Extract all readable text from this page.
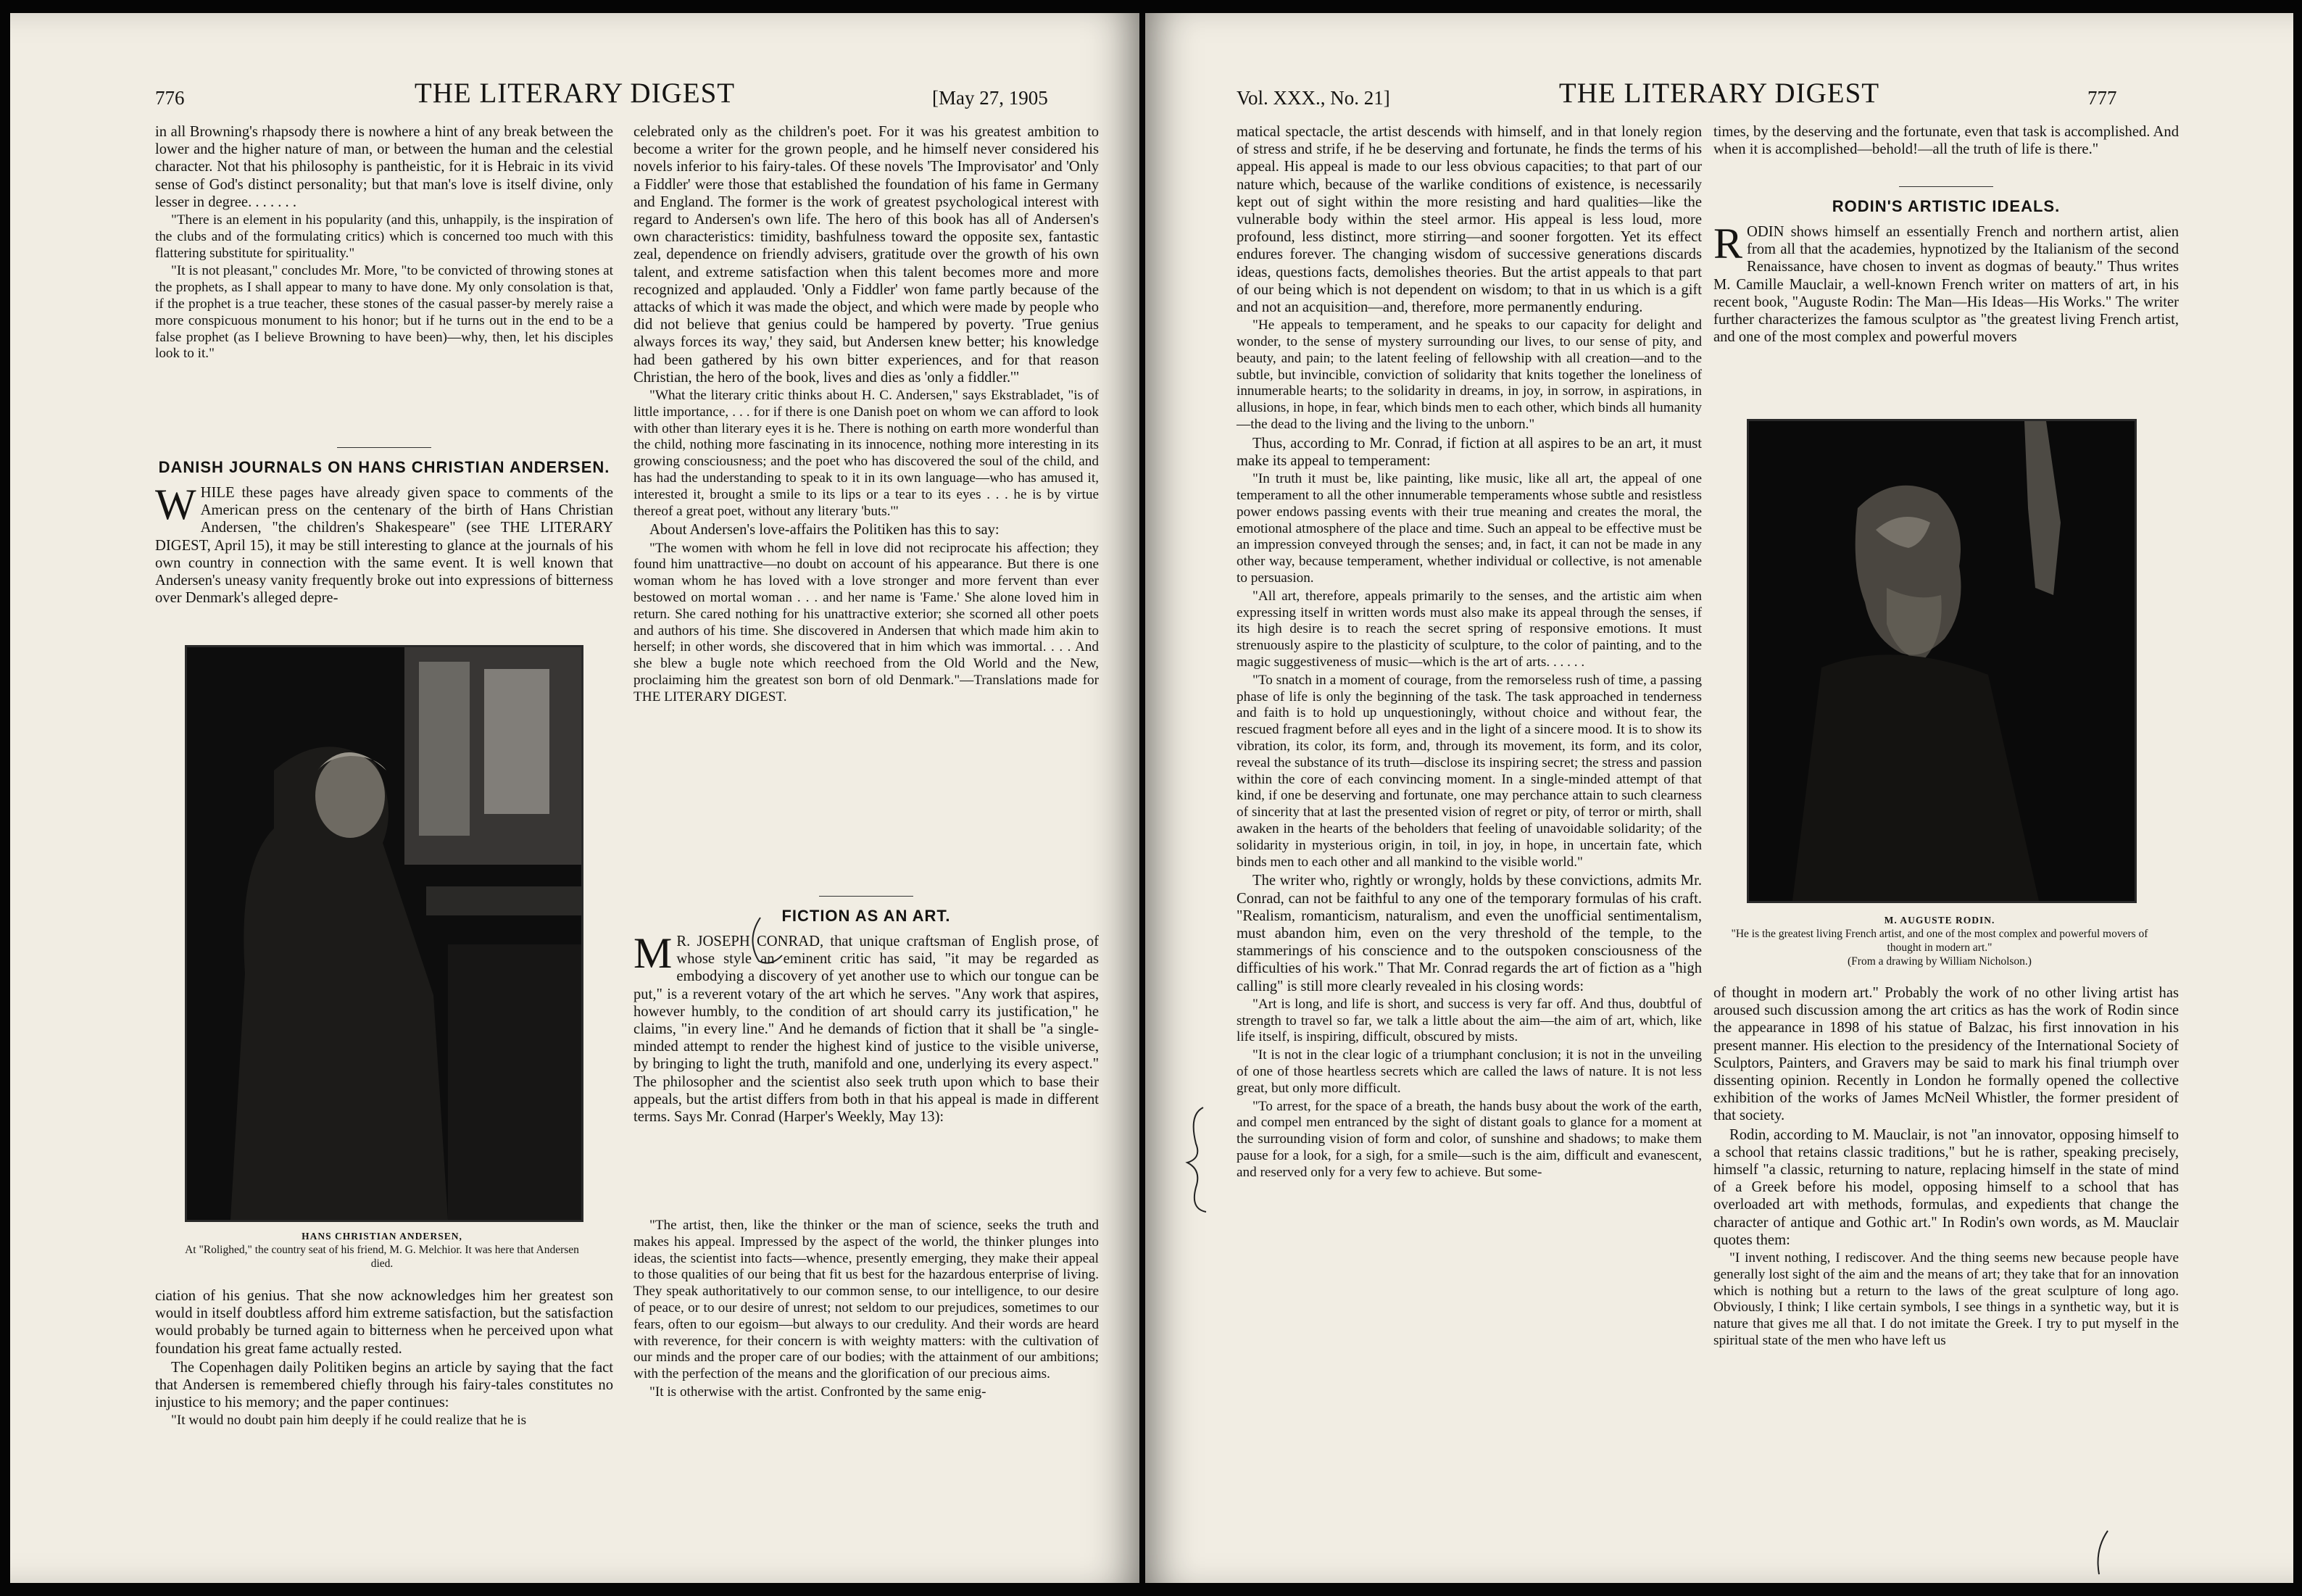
776	THE LITERARY DIGEST	[May 27, 1905

in all Browning's rhapsody there is nowhere a hint of any break between the lower and the higher nature of man, or between the human and the celestial character. Not that his philosophy is pantheistic, for it is Hebraic in its vivid sense of God's distinct personality; but that man's love is itself divine, only lesser in degree. . . . . . .

"There is an element in his popularity (and this, unhappily, is the inspiration of the clubs and of the formulating critics) which is concerned too much with this flattering substitute for spirituality."

"It is not pleasant," concludes Mr. More, "to be convicted of throwing stones at the prophets, as I shall appear to many to have done. My only consolation is that, if the prophet is a true teacher, these stones of the casual passer-by merely raise a more conspicuous monument to his honor; but if he turns out in the end to be a false prophet (as I believe Browning to have been)—why, then, let his disciples look to it."

DANISH JOURNALS ON HANS CHRISTIAN ANDERSEN.

WHILE these pages have already given space to comments of the American press on the centenary of the birth of Hans Christian Andersen, "the children's Shakespeare" (see THE LITERARY DIGEST, April 15), it may be still interesting to glance at the journals of his own country in connection with the same event. It is well known that Andersen's uneasy vanity frequently broke out into expressions of bitterness over Denmark's alleged depre-

HANS CHRISTIAN ANDERSEN,
At "Rolighed," the country seat of his friend, M. G. Melchior. It was here that Andersen died.

ciation of his genius. That she now acknowledges him her greatest son would in itself doubtless afford him extreme satisfaction, but the satisfaction would probably be turned again to bitterness when he perceived upon what foundation his great fame actually rested.

The Copenhagen daily Politiken begins an article by saying that the fact that Andersen is remembered chiefly through his fairy-tales constitutes no injustice to his memory; and the paper continues:

"It would no doubt pain him deeply if he could realize that he is

celebrated only as the children's poet. For it was his greatest ambition to become a writer for the grown people, and he himself never considered his novels inferior to his fairy-tales. Of these novels 'The Improvisator' and 'Only a Fiddler' were those that established the foundation of his fame in Germany and England. The former is the work of greatest psychological interest with regard to Andersen's own life. The hero of this book has all of Andersen's own characteristics: timidity, bashfulness toward the opposite sex, fantastic zeal, dependence on friendly advisers, gratitude over the growth of his own talent, and extreme satisfaction when this talent becomes more and more recognized and applauded. 'Only a Fiddler' won fame partly because of the attacks of which it was made the object, and which were made by people who did not believe that genius could be hampered by poverty. 'True genius always forces its way,' they said, but Andersen knew better; his knowledge had been gathered by his own bitter experiences, and for that reason Christian, the hero of the book, lives and dies as 'only a fiddler.'"

"What the literary critic thinks about H. C. Andersen," says Ekstrabladet, "is of little importance, . . . for if there is one Danish poet on whom we can afford to look with other than literary eyes it is he. There is nothing on earth more wonderful than the child, nothing more fascinating in its innocence, nothing more interesting in its growing consciousness; and the poet who has discovered the soul of the child, and has had the understanding to speak to it in its own language—who has amused it, interested it, brought a smile to its lips or a tear to its eyes . . . he is by virtue thereof a great poet, without any literary 'buts.'"

About Andersen's love-affairs the Politiken has this to say:

"The women with whom he fell in love did not reciprocate his affection; they found him unattractive—no doubt on account of his appearance. But there is one woman whom he has loved with a love stronger and more fervent than ever bestowed on mortal woman . . . and her name is 'Fame.' She alone loved him in return. She cared nothing for his unattractive exterior; she scorned all other poets and authors of his time. She discovered in Andersen that which made him akin to herself; in other words, she discovered that in him which was immortal. . . . And she blew a bugle note which reechoed from the Old World and the New, proclaiming him the greatest son born of old Denmark."—Translations made for THE LITERARY DIGEST.

FICTION AS AN ART.

M R. JOSEPH CONRAD, that unique craftsman of English prose, of whose style an eminent critic has said, "it may be regarded as embodying a discovery of yet another use to which our tongue can be put," is a reverent votary of the art which he serves. "Any work that aspires, however humbly, to the condition of art should carry its justification," he claims, "in every line." And he demands of fiction that it shall be "a single-minded attempt to render the highest kind of justice to the visible universe, by bringing to light the truth, manifold and one, underlying its every aspect." The philosopher and the scientist also seek truth upon which to base their appeals, but the artist differs from both in that his appeal is made in different terms. Says Mr. Conrad (Harper's Weekly, May 13):

"The artist, then, like the thinker or the man of science, seeks the truth and makes his appeal. Impressed by the aspect of the world, the thinker plunges into ideas, the scientist into facts—whence, presently emerging, they make their appeal to those qualities of our being that fit us best for the hazardous enterprise of living. They speak authoritatively to our common sense, to our intelligence, to our desire of peace, or to our desire of unrest; not seldom to our prejudices, sometimes to our fears, often to our egoism—but always to our credulity. And their words are heard with reverence, for their concern is with weighty matters: with the cultivation of our minds and the proper care of our bodies; with the attainment of our ambitions; with the perfection of the means and the glorification of our precious aims.

"It is otherwise with the artist. Confronted by the same enig-

Vol. XXX., No. 21]	THE LITERARY DIGEST	777

matical spectacle, the artist descends with himself, and in that lonely region of stress and strife, if he be deserving and fortunate, he finds the terms of his appeal. His appeal is made to our less obvious capacities; to that part of our nature which, because of the warlike conditions of existence, is necessarily kept out of sight within the more resisting and hard qualities—like the vulnerable body within the steel armor. His appeal is less loud, more profound, less distinct, more stirring—and sooner forgotten. Yet its effect endures forever. The changing wisdom of successive generations discards ideas, questions facts, demolishes theories. But the artist appeals to that part of our being which is not dependent on wisdom; to that in us which is a gift and not an acquisition—and, therefore, more permanently enduring.

"He appeals to temperament, and he speaks to our capacity for delight and wonder, to the sense of mystery surrounding our lives, to our sense of pity, and beauty, and pain; to the latent feeling of fellowship with all creation—and to the subtle, but invincible, conviction of solidarity that knits together the loneliness of innumerable hearts; to the solidarity in dreams, in joy, in sorrow, in aspirations, in allusions, in hope, in fear, which binds men to each other, which binds all humanity—the dead to the living and the living to the unborn."

Thus, according to Mr. Conrad, if fiction at all aspires to be an art, it must make its appeal to temperament:

"In truth it must be, like painting, like music, like all art, the appeal of one temperament to all the other innumerable temperaments whose subtle and resistless power endows passing events with their true meaning and creates the moral, the emotional atmosphere of the place and time. Such an appeal to be effective must be an impression conveyed through the senses; and, in fact, it can not be made in any other way, because temperament, whether individual or collective, is not amenable to persuasion.

"All art, therefore, appeals primarily to the senses, and the artistic aim when expressing itself in written words must also make its appeal through the senses, if its high desire is to reach the secret spring of responsive emotions. It must strenuously aspire to the plasticity of sculpture, to the color of painting, and to the magic suggestiveness of music—which is the art of arts. . . . . .

"To snatch in a moment of courage, from the remorseless rush of time, a passing phase of life is only the beginning of the task. The task approached in tenderness and faith is to hold up unquestioningly, without choice and without fear, the rescued fragment before all eyes and in the light of a sincere mood. It is to show its vibration, its color, its form, and, through its movement, its form, and its color, reveal the substance of its truth—disclose its inspiring secret; the stress and passion within the core of each convincing moment. In a single-minded attempt of that kind, if one be deserving and fortunate, one may perchance attain to such clearness of sincerity that at last the presented vision of regret or pity, of terror or mirth, shall awaken in the hearts of the beholders that feeling of unavoidable solidarity; of the solidarity in mysterious origin, in toil, in joy, in hope, in uncertain fate, which binds men to each other and all mankind to the visible world."

The writer who, rightly or wrongly, holds by these convictions, admits Mr. Conrad, can not be faithful to any one of the temporary formulas of his craft. "Realism, romanticism, naturalism, and even the unofficial sentimentalism, must abandon him, even on the very threshold of the temple, to the stammerings of his conscience and to the outspoken consciousness of the difficulties of his work." That Mr. Conrad regards the art of fiction as a "high calling" is still more clearly revealed in his closing words:

"Art is long, and life is short, and success is very far off. And thus, doubtful of strength to travel so far, we talk a little about the aim—the aim of art, which, like life itself, is inspiring, difficult, obscured by mists.

"It is not in the clear logic of a triumphant conclusion; it is not in the unveiling of one of those heartless secrets which are called the laws of nature. It is not less great, but only more difficult.

"To arrest, for the space of a breath, the hands busy about the work of the earth, and compel men entranced by the sight of distant goals to glance for a moment at the surrounding vision of form and color, of sunshine and shadows; to make them pause for a look, for a sigh, for a smile—such is the aim, difficult and evanescent, and reserved only for a very few to achieve. But some-

times, by the deserving and the fortunate, even that task is accomplished. And when it is accomplished—behold!—all the truth of life is there."

RODIN'S ARTISTIC IDEALS.

RODIN shows himself an essentially French and northern artist, alien from all that the academies, hypnotized by the Italianism of the second Renaissance, have chosen to invent as dogmas of beauty." Thus writes M. Camille Mauclair, a well-known French writer on matters of art, in his recent book, "Auguste Rodin: The Man—His Ideas—His Works." The writer further characterizes the famous sculptor as "the greatest living French artist, and one of the most complex and powerful movers

M. AUGUSTE RODIN.
"He is the greatest living French artist, and one of the most complex and powerful movers of thought in modern art."
(From a drawing by William Nicholson.)

of thought in modern art." Probably the work of no other living artist has aroused such discussion among the art critics as has the work of Rodin since the appearance in 1898 of his statue of Balzac, his first innovation in his present manner. His election to the presidency of the International Society of Sculptors, Painters, and Gravers may be said to mark his final triumph over dissenting opinion. Recently in London he formally opened the collective exhibition of the works of James McNeil Whistler, the former president of that society.

Rodin, according to M. Mauclair, is not "an innovator, opposing himself to a school that retains classic traditions," but he is rather, speaking precisely, himself "a classic, returning to nature, replacing himself in the state of mind of a Greek before his model, opposing himself to a school that has overloaded art with methods, formulas, and expedients that change the character of antique and Gothic art." In Rodin's own words, as M. Mauclair quotes them:

"I invent nothing, I rediscover. And the thing seems new because people have generally lost sight of the aim and the means of art; they take that for an innovation which is nothing but a return to the laws of the great sculpture of long ago. Obviously, I think; I like certain symbols, I see things in a synthetic way, but it is nature that gives me all that. I do not imitate the Greek. I try to put myself in the spiritual state of the men who have left us
